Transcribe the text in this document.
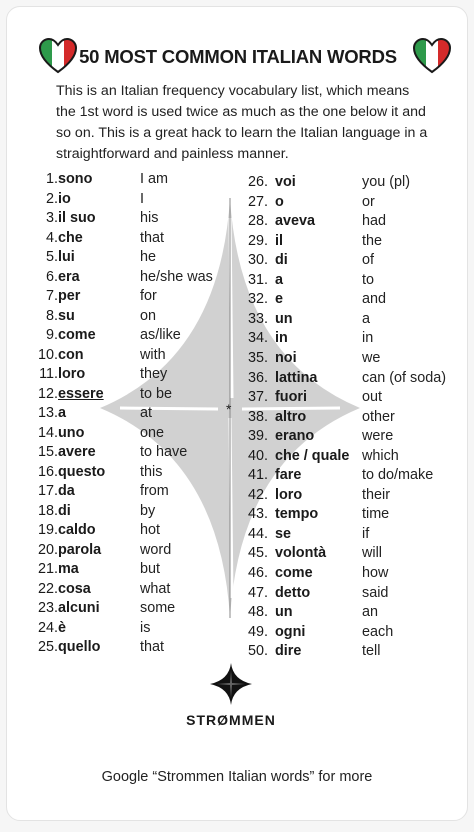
*
50 MOST COMMON ITALIAN WORDS
This is an Italian frequency vocabulary list, which means the 1st word is used twice as much as the one below it and so on. This is a great hack to learn the Italian language in a straightforward and painless manner.
1. sono	I am
2. io	I
3. il suo	his
4. che	that
5. lui	he
6. era	he/she was
7. per	for
8. su	on
9. come	as/like
10. con	with
11. loro	they
12. essere	to be
13. a	at
14. uno	one
15. avere	to have
16. questo this
17. da	from
18. di	by
19. caldo	hot
20. parola	word
21. ma	but
22. cosa	what
23. alcuni	some
24. è	is
25. quello	that
26. voi	you (pl)
27. o	or
28. aveva	had
29. il	the
30. di	of
31. a	to
32. e	and
33. un	a
34. in	in
35. noi	we
36. lattina	can (of soda)
37. fuori	out
38. altro	other
39. erano	were
40. che / quale which
41. fare	to do/make
42. loro	their
43. tempo	time
44. se	if
45. volontà will
46. come	how
47. detto	said
48. un	an
49. ogni	each
50. dire	tell
STRØMMEN
Google “Strommen Italian words” for more
